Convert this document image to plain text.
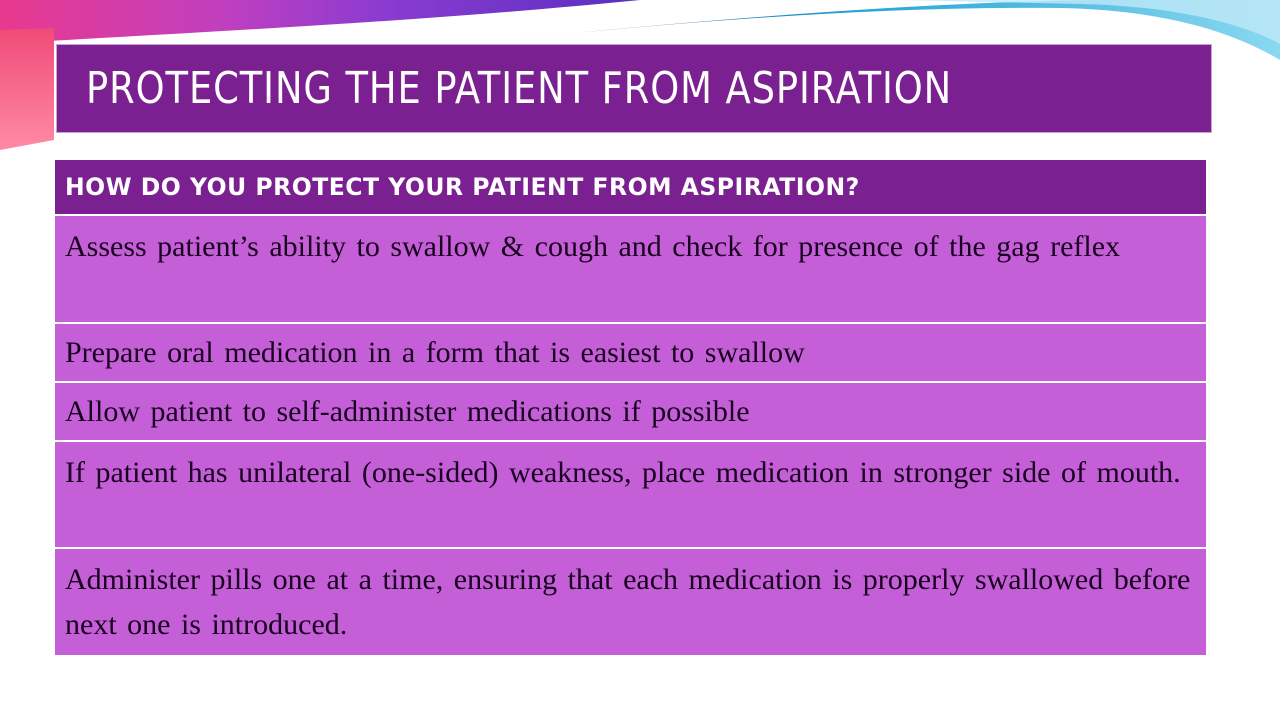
PROTECTING THE PATIENT FROM ASPIRATION
HOW DO YOU PROTECT YOUR PATIENT FROM ASPIRATION?
Assess patient’s ability to swallow & cough and check for presence of the gag reflex
Prepare oral medication in a form that is easiest to swallow
Allow patient to self-administer medications if possible
If patient has unilateral (one-sided) weakness, place medication in stronger side of mouth.
Administer pills one at a time, ensuring that each medication is properly swallowed before next one is introduced.
